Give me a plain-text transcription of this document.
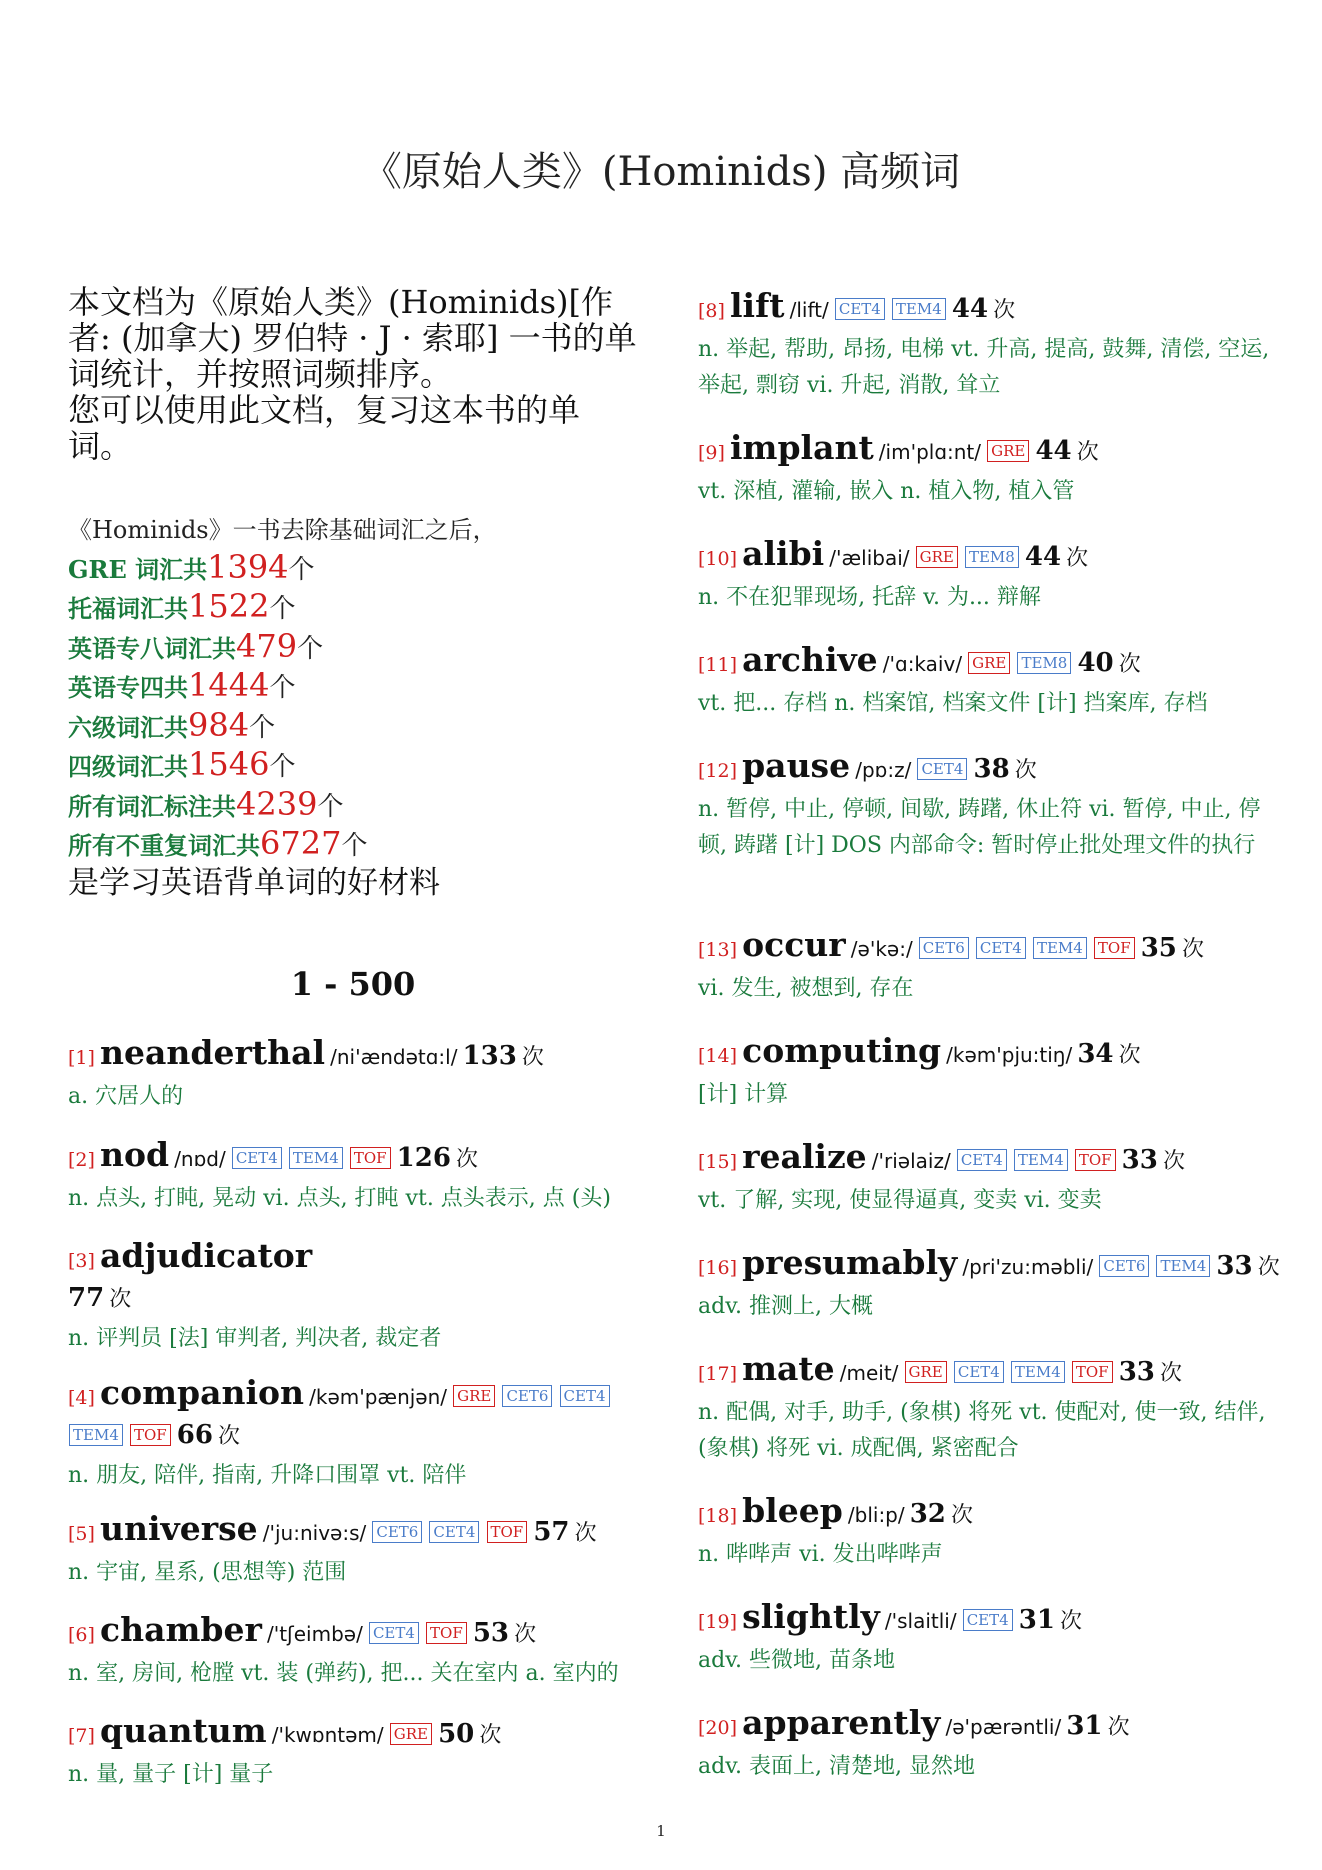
《原始人类》(Hominids) 高频词

本文档为《原始人类》(Hominids)[作者: (加拿大) 罗伯特 · J · 索耶] 一书的单词统计，并按照词频排序。

您可以使用此文档，复习这本书的单词。

《Hominids》一书去除基础词汇之后，
GRE 词汇共1394个
托福词汇共1522个
英语专八词汇共479个
英语专四共1444个
六级词汇共984个
四级词汇共1546个
所有词汇标注共4239个
所有不重复词汇共6727个
是学习英语背单词的好材料
1 - 500
[1] neanderthal /ni'ændətɑ:l/ 133 次
a. 穴居人的
[2] nod /nɒd/ CET4 TEM4 TOF 126 次
n. 点头, 打盹, 晃动 vi. 点头, 打盹 vt. 点头表示, 点 (头)
[3] adjudicator
77 次
n. 评判员 [法] 审判者, 判决者, 裁定者
[4] companion /kəm'pænjən/ GRE CET6 CET4 TEM4 TOF 66 次
n. 朋友, 陪伴, 指南, 升降口围罩 vt. 陪伴
[5] universe /'ju:nivə:s/ CET6 CET4 TOF 57 次
n. 宇宙, 星系, (思想等) 范围
[6] chamber /'tʃeimbə/ CET4 TOF 53 次
n. 室, 房间, 枪膛 vt. 装 (弹药), 把... 关在室内 a. 室内的
[7] quantum /'kwɒntəm/ GRE 50 次
n. 量, 量子 [计] 量子
[8] lift /lift/ CET4 TEM4 44 次
n. 举起, 帮助, 昂扬, 电梯 vt. 升高, 提高, 鼓舞, 清偿, 空运, 举起, 剽窃 vi. 升起, 消散, 耸立
[9] implant /im'plɑ:nt/ GRE 44 次
vt. 深植, 灌输, 嵌入 n. 植入物, 植入管
[10] alibi /'ælibai/ GRE TEM8 44 次
n. 不在犯罪现场, 托辞 v. 为... 辩解
[11] archive /'ɑ:kaiv/ GRE TEM8 40 次
vt. 把... 存档 n. 档案馆, 档案文件 [计] 挡案库, 存档
[12] pause /pɒ:z/ CET4 38 次
n. 暂停, 中止, 停顿, 间歇, 踌躇, 休止符 vi. 暂停, 中止, 停顿, 踌躇 [计] DOS 内部命令: 暂时停止批处理文件的执行
[13] occur /ə'kə:/ CET6 CET4 TEM4 TOF 35 次
vi. 发生, 被想到, 存在
[14] computing /kəm'pju:tiŋ/ 34 次
[计] 计算
[15] realize /'riəlaiz/ CET4 TEM4 TOF 33 次
vt. 了解, 实现, 使显得逼真, 变卖 vi. 变卖
[16] presumably /pri'zu:məbli/ CET6 TEM4 33 次
adv. 推测上, 大概
[17] mate /meit/ GRE CET4 TEM4 TOF 33 次
n. 配偶, 对手, 助手, (象棋) 将死 vt. 使配对, 使一致, 结伴, (象棋) 将死 vi. 成配偶, 紧密配合
[18] bleep /bli:p/ 32 次
n. 哔哔声 vi. 发出哔哔声
[19] slightly /'slaitli/ CET4 31 次
adv. 些微地, 苗条地
[20] apparently /ə'pærəntli/ 31 次
adv. 表面上, 清楚地, 显然地
1
